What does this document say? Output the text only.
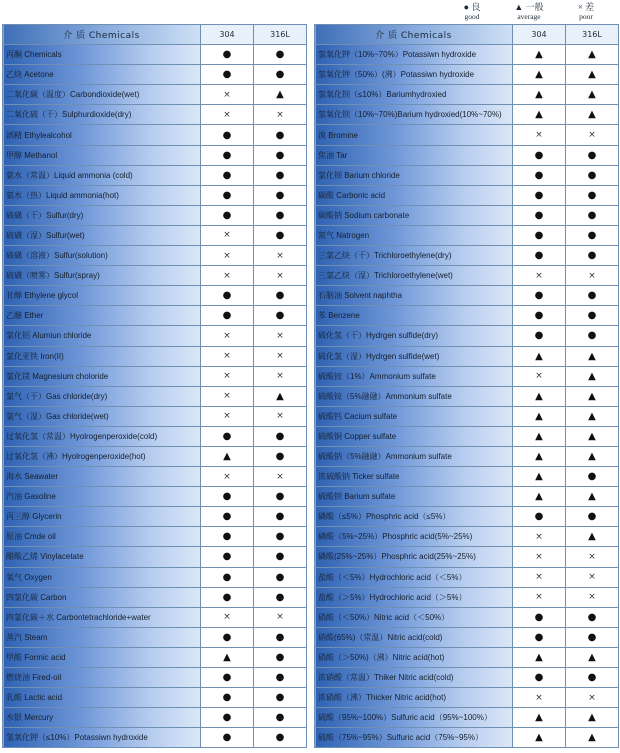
● 良
good
▲ 一般
average
× 差
poor
介 质 Chemicals	304	316L
丙酮 Chemicals	●	●
乙炔 Acetone	●	●
二氧化碳（温度）Carbondioxide(wet)	×	▲
二氧化硫（干）Sulphurdioxide(dry)	×	×
酒精 Ethylealcohol	●	●
甲醇 Methanol	●	●
氨水（常温）Liquid ammonia (cold)	●	●
氨水（热）Liquid ammonia(hot)	●	●
硫磺（干）Sulfur(dry)	●	●
硫磺（湿）Sulfur(wet)	×	●
硫磺（溶液）Sulfur(solution)	×	×
硫磺（喷雾）Sulfur(spray)	×	×
甘醇 Ethylene glycol	●	●
乙醚 Ether	●	●
氯化铝 Alumiun chloride	×	×
氯化亚铁 Iron(II)	×	×
氯化镁 Magnesium choloride	×	×
氯气（干）Gas chloride(dry)	×	▲
氯气（湿）Gas chloride(wet)	×	×
过氧化氢（常温）Hyolrogenperoxide(cold)	●	●
过氧化氢（沸）Hyolrogenperoxide(hot)	▲	●
海水 Seawater	×	×
汽油 Gasoline	●	●
丙三醇 Glycerin	●	●
原油 Cmde oil	●	●
醋酸乙烯 Vinylacetate	●	●
氧气 Oxygen	●	●
四氯化碳 Carbon	●	●
四氯化碳＋水 Carbontetrachloride+water	×	×
蒸汽 Steam	●	●
甲酸 Formic acid	▲	●
燃烧油 Fired-oil	●	●
乳酸 Lactic acid	●	●
水银 Mercury	●	●
氢氧化钾（≤10%）Potassiwn hydroxide	●	●
介 质 Chemicals	304	316L
氢氧化钾（10%~70%）Potassiwn hydroxide	▲	▲
氢氧化钾（50%）(沸）Potassiwn hydroxide	▲	▲
氢氧化钡（≤10%）Bariumhydroxied	▲	▲
氢氧化钡（10%~70%)Barium hydroxied(10%~70%)	▲	▲
溴 Bromine	×	×
焦油 Tar	●	●
氯化钡 Barium chloride	●	●
碳酸 Carbonic acid	●	●
碳酸钠 Sodium carbonate	●	●
氮气 Natrogen	●	●
三氯乙炔（干）Trichloroethylene(dry)	●	●
三氯乙炔（湿）Trichloroethylene(wet)	×	×
石脑油 Solvent naphtha	●	●
苯 Benzene	●	●
硫化氢（干）Hydrgen sulfide(dry)	●	●
硫化氢（湿）Hydrgen sulfide(wet)	▲	▲
硫酸铵（1%）Ammonium sulfate	×	▲
硫酸铵（5%融融）Ammonium sulfate	▲	▲
硫酸钙 Cacium sulfate	▲	▲
硫酸铜 Copper sulfate	▲	▲
硫酸钠（5%融融）Ammonium sulfate	▲	▲
浓硫酸钠 Ticker sulfate	▲	●
硫酸钡 Barium sulfate	▲	▲
磷酸（≤5%）Phosphric acid（≤5%）	●	●
磷酸（5%~25%）Phosphric acid(5%~25%)	×	▲
磷酸(25%~25%）Phosphric acid(25%~25%)	×	×
盐酸（＜5%）Hydrochloric acid（＜5%）	×	×
盐酸（＞5%）Hydrochloric acid（＞5%）	×	×
硝酸（＜50%）Nitric acid（＜50%）	●	●
硝酸(65%)（常温）Nitric acid(cold)	●	●
硝酸（＞50%)（沸）Nitric acid(hot)	▲	▲
浓硝酸（常温）Thiker Nitric acid(cold)	●	●
浓硝酸（沸）Thicker Nitric acid(hot)	×	×
硫酸（95%~100%）Sulfuric acid（95%~100%）	▲	▲
硫酸（75%~95%）Sulfuric acid（75%~95%）	▲	▲
